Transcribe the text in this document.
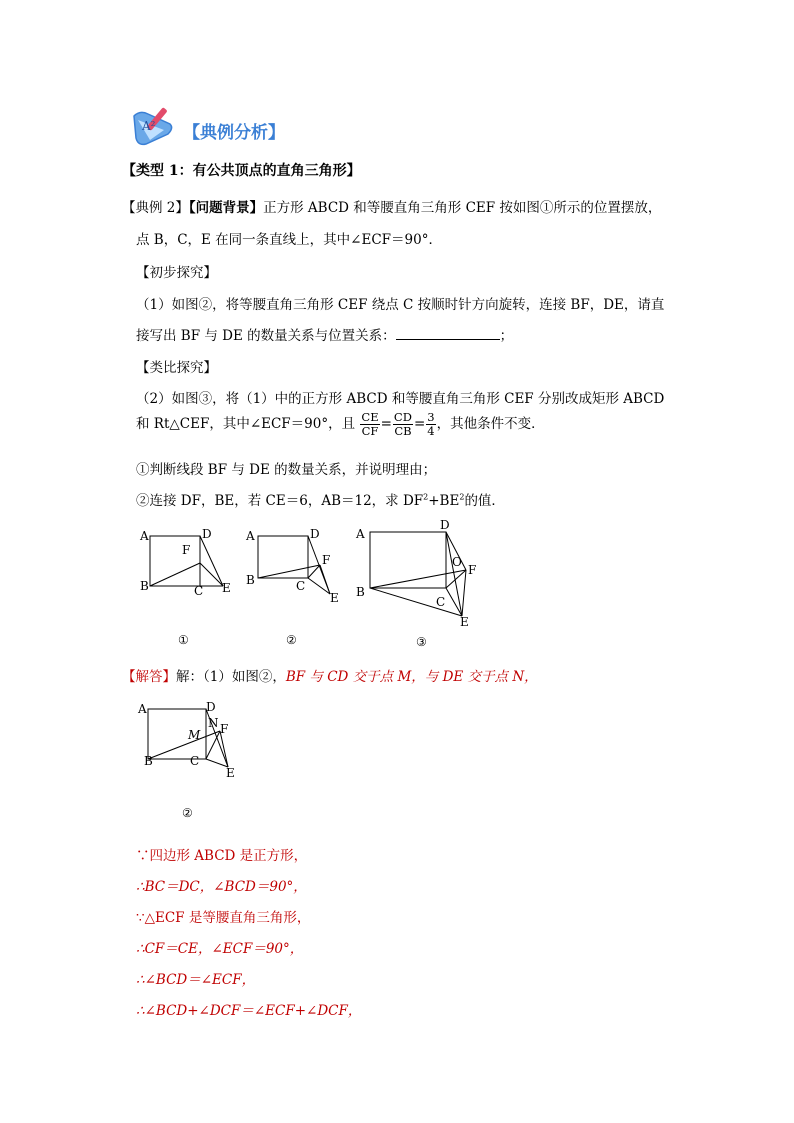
A² 【典例分析】
【类型 1：有公共顶点的直角三角形】
【典例 2】【问题背景】正方形 ABCD 和等腰直角三角形 CEF 按如图①所示的位置摆放，
点 B，C，E 在同一条直线上，其中∠ECF＝90°．
【初步探究】
（1）如图②，将等腰直角三角形 CEF 绕点 C 按顺时针方向旋转，连接 BF，DE，请直
接写出 BF 与 DE 的数量关系与位置关系：	；
【类比探究】
（2）如图③，将（1）中的正方形 ABCD 和等腰直角三角形 CEF 分别改成矩形 ABCD
和 Rt△CEF，其中∠ECF＝90°，且 $\frac{CE}{CF} = \frac{CD}{CB} = \frac{3}{4}$ ，其他条件不变．
①判断线段 BF 与 DE 的数量关系，并说明理由；
②连接 DF，BE，若 CE＝6，AB＝12，求 $DF^2+BE^2$的值．
A	D
F
B	C E
①
A	D
F
B	C
E
②
A
D
O
F
B
C
E
③
【解答】解：（1）如图②，BF 与 CD 交于点 M，与 DE 交于点 N，
A	D
N F
M
B	C
E
②
∵四边形 ABCD 是正方形，
∴BC＝DC，∠BCD＝90°，
∵△ECF 是等腰直角三角形，
∴CF＝CE，∠ECF＝90°，
∴∠BCD＝∠ECF，
∴∠BCD+∠DCF＝∠ECF+∠DCF，
